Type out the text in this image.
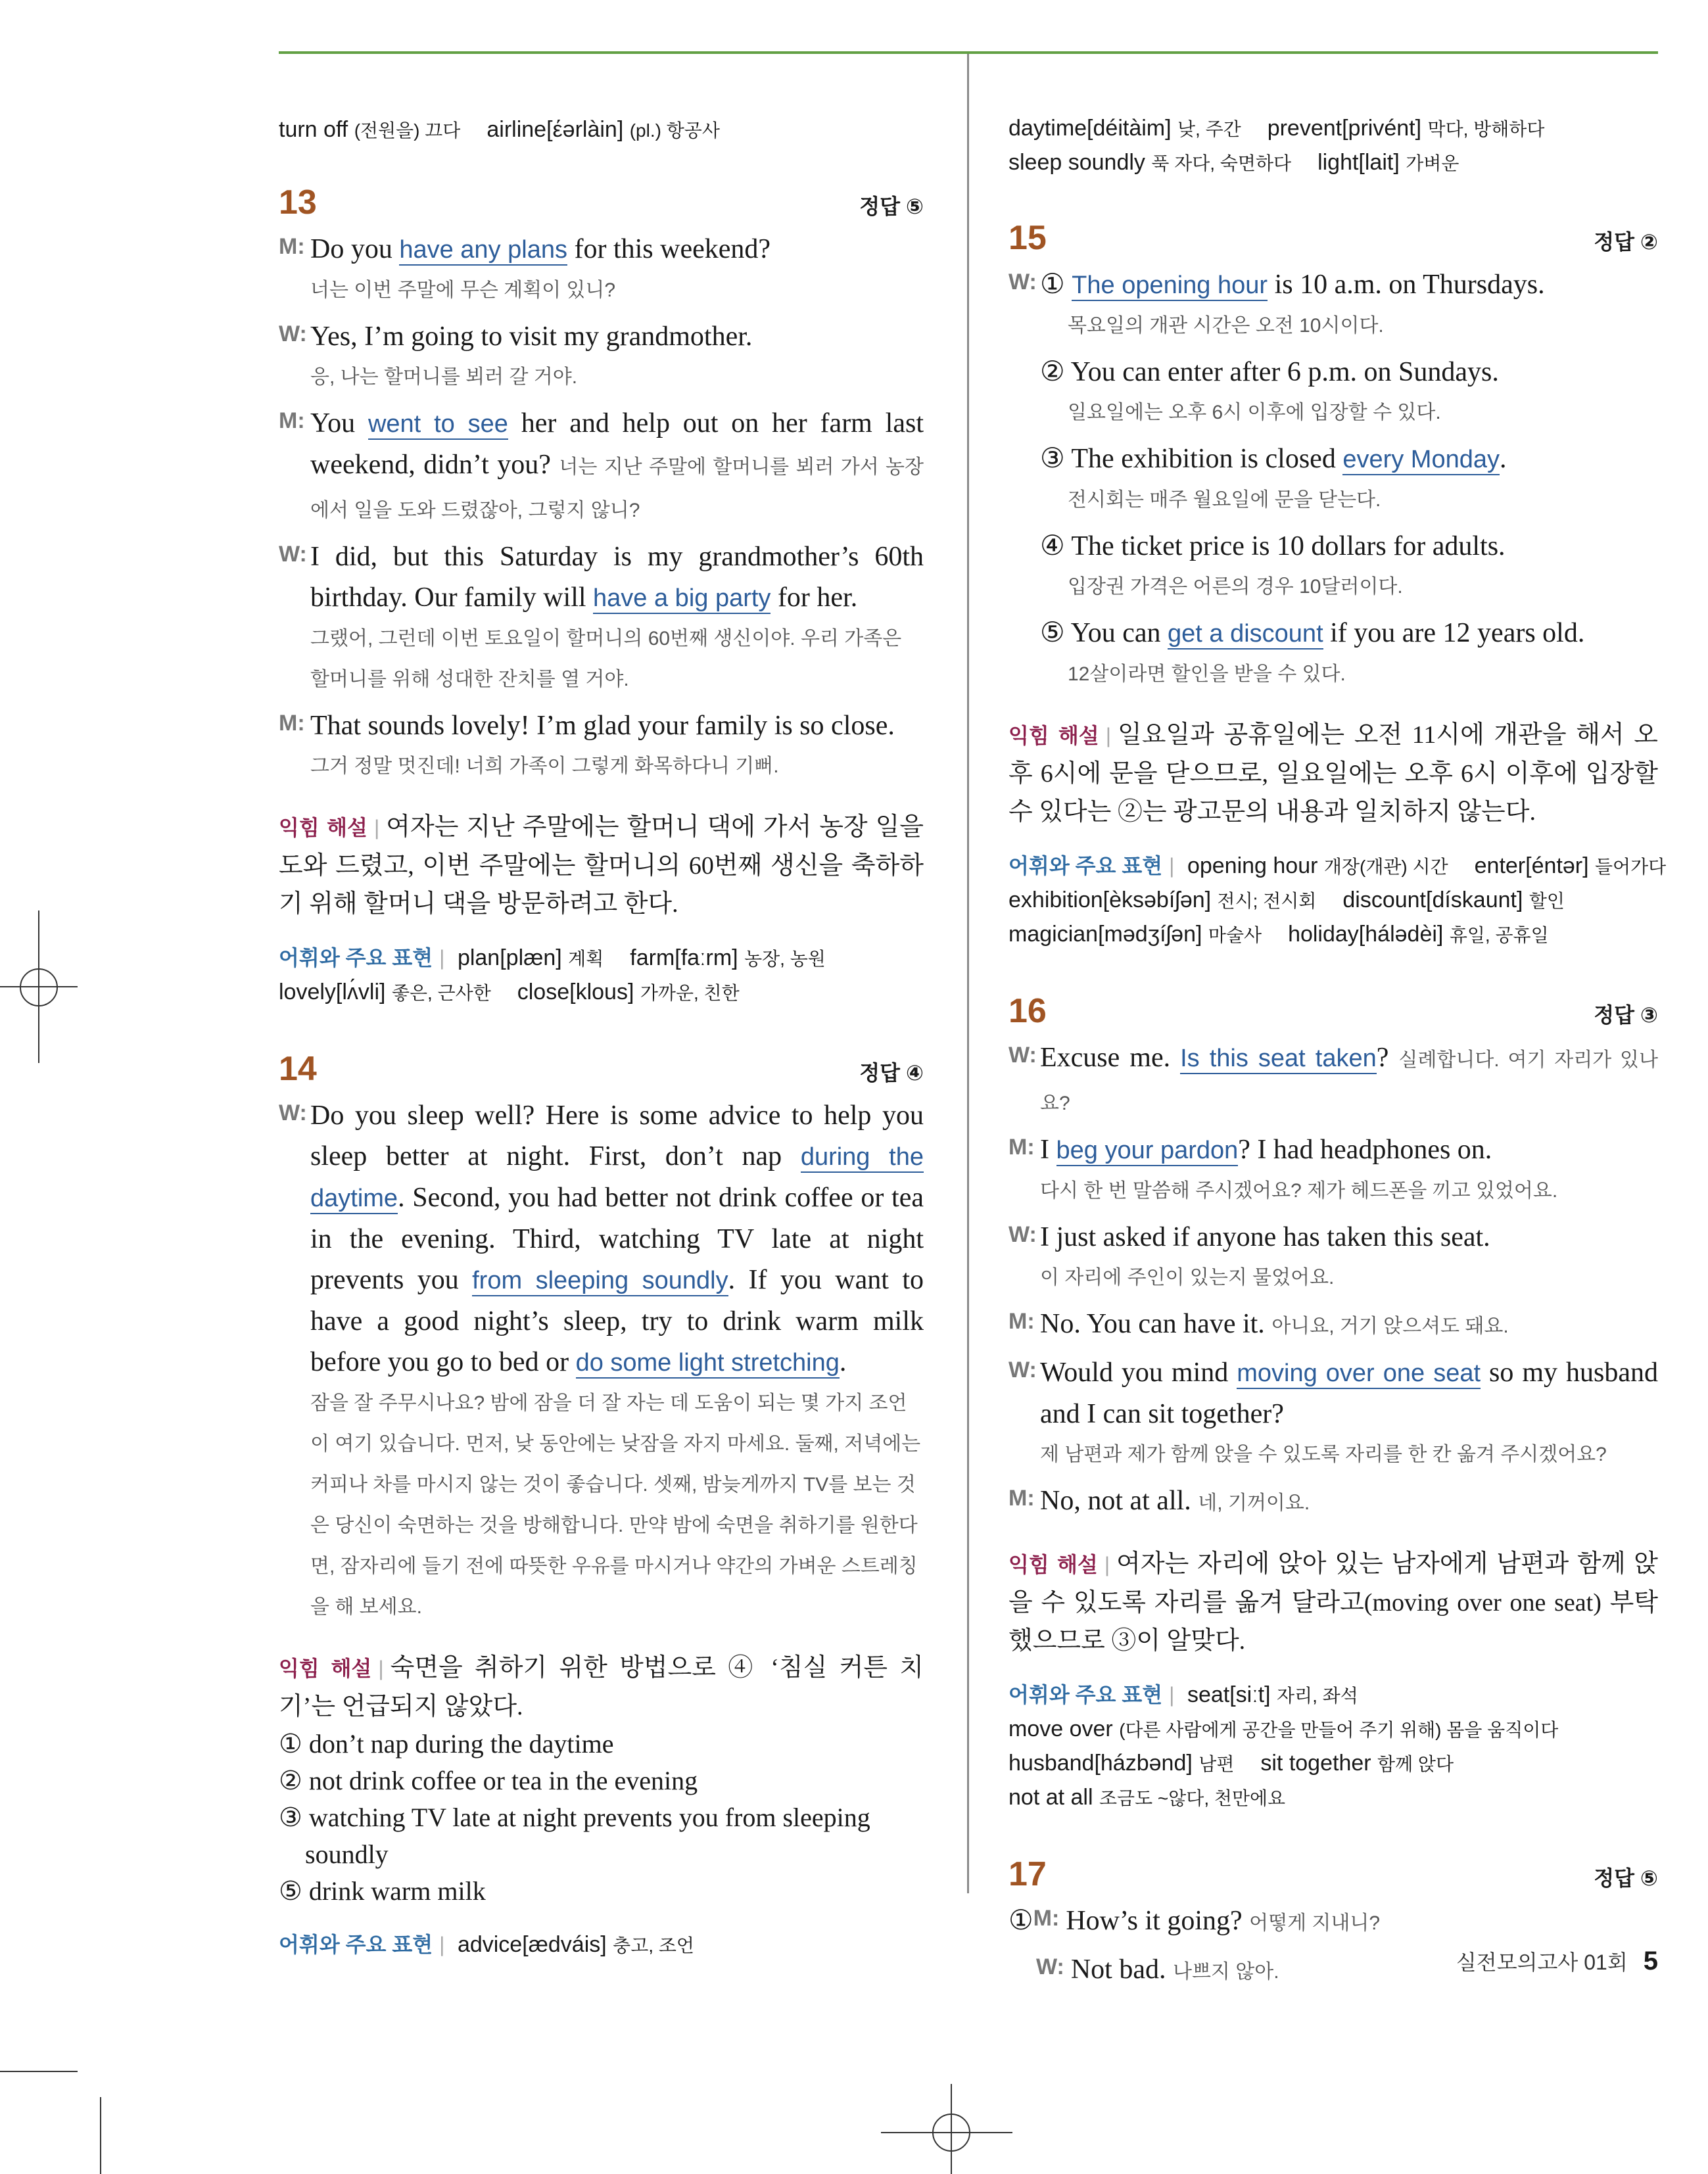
turn off (전원을) 끄다 airline[έərlàin] (pl.) 항공사
13	정답 ⑤
M: Do you have any plans for this weekend?
너는 이번 주말에 무슨 계획이 있니?
W: Yes, I’m going to visit my grandmother.
응, 나는 할머니를 뵈러 갈 거야.
M: You went to see her and help out on her farm last weekend, didn’t you? 너는 지난 주말에 할머니를 뵈러 가서 농장에서 일을 도와 드렸잖아, 그렇지 않니?
W: I did, but this Saturday is my grandmother’s 60th birthday. Our family will have a big party for her.
그랬어, 그런데 이번 토요일이 할머니의 60번째 생신이야. 우리 가족은 할머니를 위해 성대한 잔치를 열 거야.
M: That sounds lovely! I’m glad your family is so close.
그거 정말 멋진데! 너희 가족이 그렇게 화목하다니 기뻐.
익힘 해설 | 여자는 지난 주말에는 할머니 댁에 가서 농장 일을 도와 드렸고, 이번 주말에는 할머니의 60번째 생신을 축하하기 위해 할머니 댁을 방문하려고 한다.
어휘와 주요 표현 | plan[plæn] 계획 farm[faːrm] 농장, 농원
lovely[lʌ́vli] 좋은, 근사한 close[klous] 가까운, 친한
14	정답 ④
W: Do you sleep well? Here is some advice to help you sleep better at night. First, don’t nap during the daytime. Second, you had better not drink coffee or tea in the evening. Third, watching TV late at night prevents you from sleeping soundly. If you want to have a good night’s sleep, try to drink warm milk before you go to bed or do some light stretching.
잠을 잘 주무시나요? 밤에 잠을 더 잘 자는 데 도움이 되는 몇 가지 조언이 여기 있습니다. 먼저, 낮 동안에는 낮잠을 자지 마세요. 둘째, 저녁에는 커피나 차를 마시지 않는 것이 좋습니다. 셋째, 밤늦게까지 TV를 보는 것은 당신이 숙면하는 것을 방해합니다. 만약 밤에 숙면을 취하기를 원한다면, 잠자리에 들기 전에 따뜻한 우유를 마시거나 약간의 가벼운 스트레칭을 해 보세요.
익힘 해설 | 숙면을 취하기 위한 방법으로 ④ ‘침실 커튼 치기’는 언급되지 않았다.
① don’t nap during the daytime
② not drink coffee or tea in the evening
③ watching TV late at night prevents you from sleeping soundly
⑤ drink warm milk
어휘와 주요 표현 | advice[ædváis] 충고, 조언
daytime[déitàim] 낮, 주간 prevent[privént] 막다, 방해하다
sleep soundly 푹 자다, 숙면하다 light[lait] 가벼운
15	정답 ②
W: ① The opening hour is 10 a.m. on Thursdays.
목요일의 개관 시간은 오전 10시이다.
② You can enter after 6 p.m. on Sundays.
일요일에는 오후 6시 이후에 입장할 수 있다.
③ The exhibition is closed every Monday.
전시회는 매주 월요일에 문을 닫는다.
④ The ticket price is 10 dollars for adults.
입장권 가격은 어른의 경우 10달러이다.
⑤ You can get a discount if you are 12 years old.
12살이라면 할인을 받을 수 있다.
익힘 해설 | 일요일과 공휴일에는 오전 11시에 개관을 해서 오후 6시에 문을 닫으므로, 일요일에는 오후 6시 이후에 입장할 수 있다는 ②는 광고문의 내용과 일치하지 않는다.
어휘와 주요 표현 | opening hour 개장(개관) 시간 enter[éntər] 들어가다
exhibition[èksəbíʃən] 전시; 전시회 discount[dískaunt] 할인
magician[mədʒíʃən] 마술사 holiday[hálədèi] 휴일, 공휴일
16	정답 ③
W: Excuse me. Is this seat taken? 실례합니다. 여기 자리가 있나요?
M: I beg your pardon? I had headphones on.
다시 한 번 말씀해 주시겠어요? 제가 헤드폰을 끼고 있었어요.
W: I just asked if anyone has taken this seat.
이 자리에 주인이 있는지 물었어요.
M: No. You can have it. 아니요, 거기 앉으셔도 돼요.
W: Would you mind moving over one seat so my husband and I can sit together?
제 남편과 제가 함께 앉을 수 있도록 자리를 한 칸 옮겨 주시겠어요?
M: No, not at all. 네, 기꺼이요.
익힘 해설 | 여자는 자리에 앉아 있는 남자에게 남편과 함께 앉을 수 있도록 자리를 옮겨 달라고(moving over one seat) 부탁했으므로 ③이 알맞다.
어휘와 주요 표현 | seat[siːt] 자리, 좌석
move over (다른 사람에게 공간을 만들어 주기 위해) 몸을 움직이다
husband[házbənd] 남편 sit together 함께 앉다
not at all 조금도 ~않다, 천만에요
17	정답 ⑤
① M: How’s it going? 어떻게 지내니?
W: Not bad. 나쁘지 않아.	실전모의고사 01회 5
